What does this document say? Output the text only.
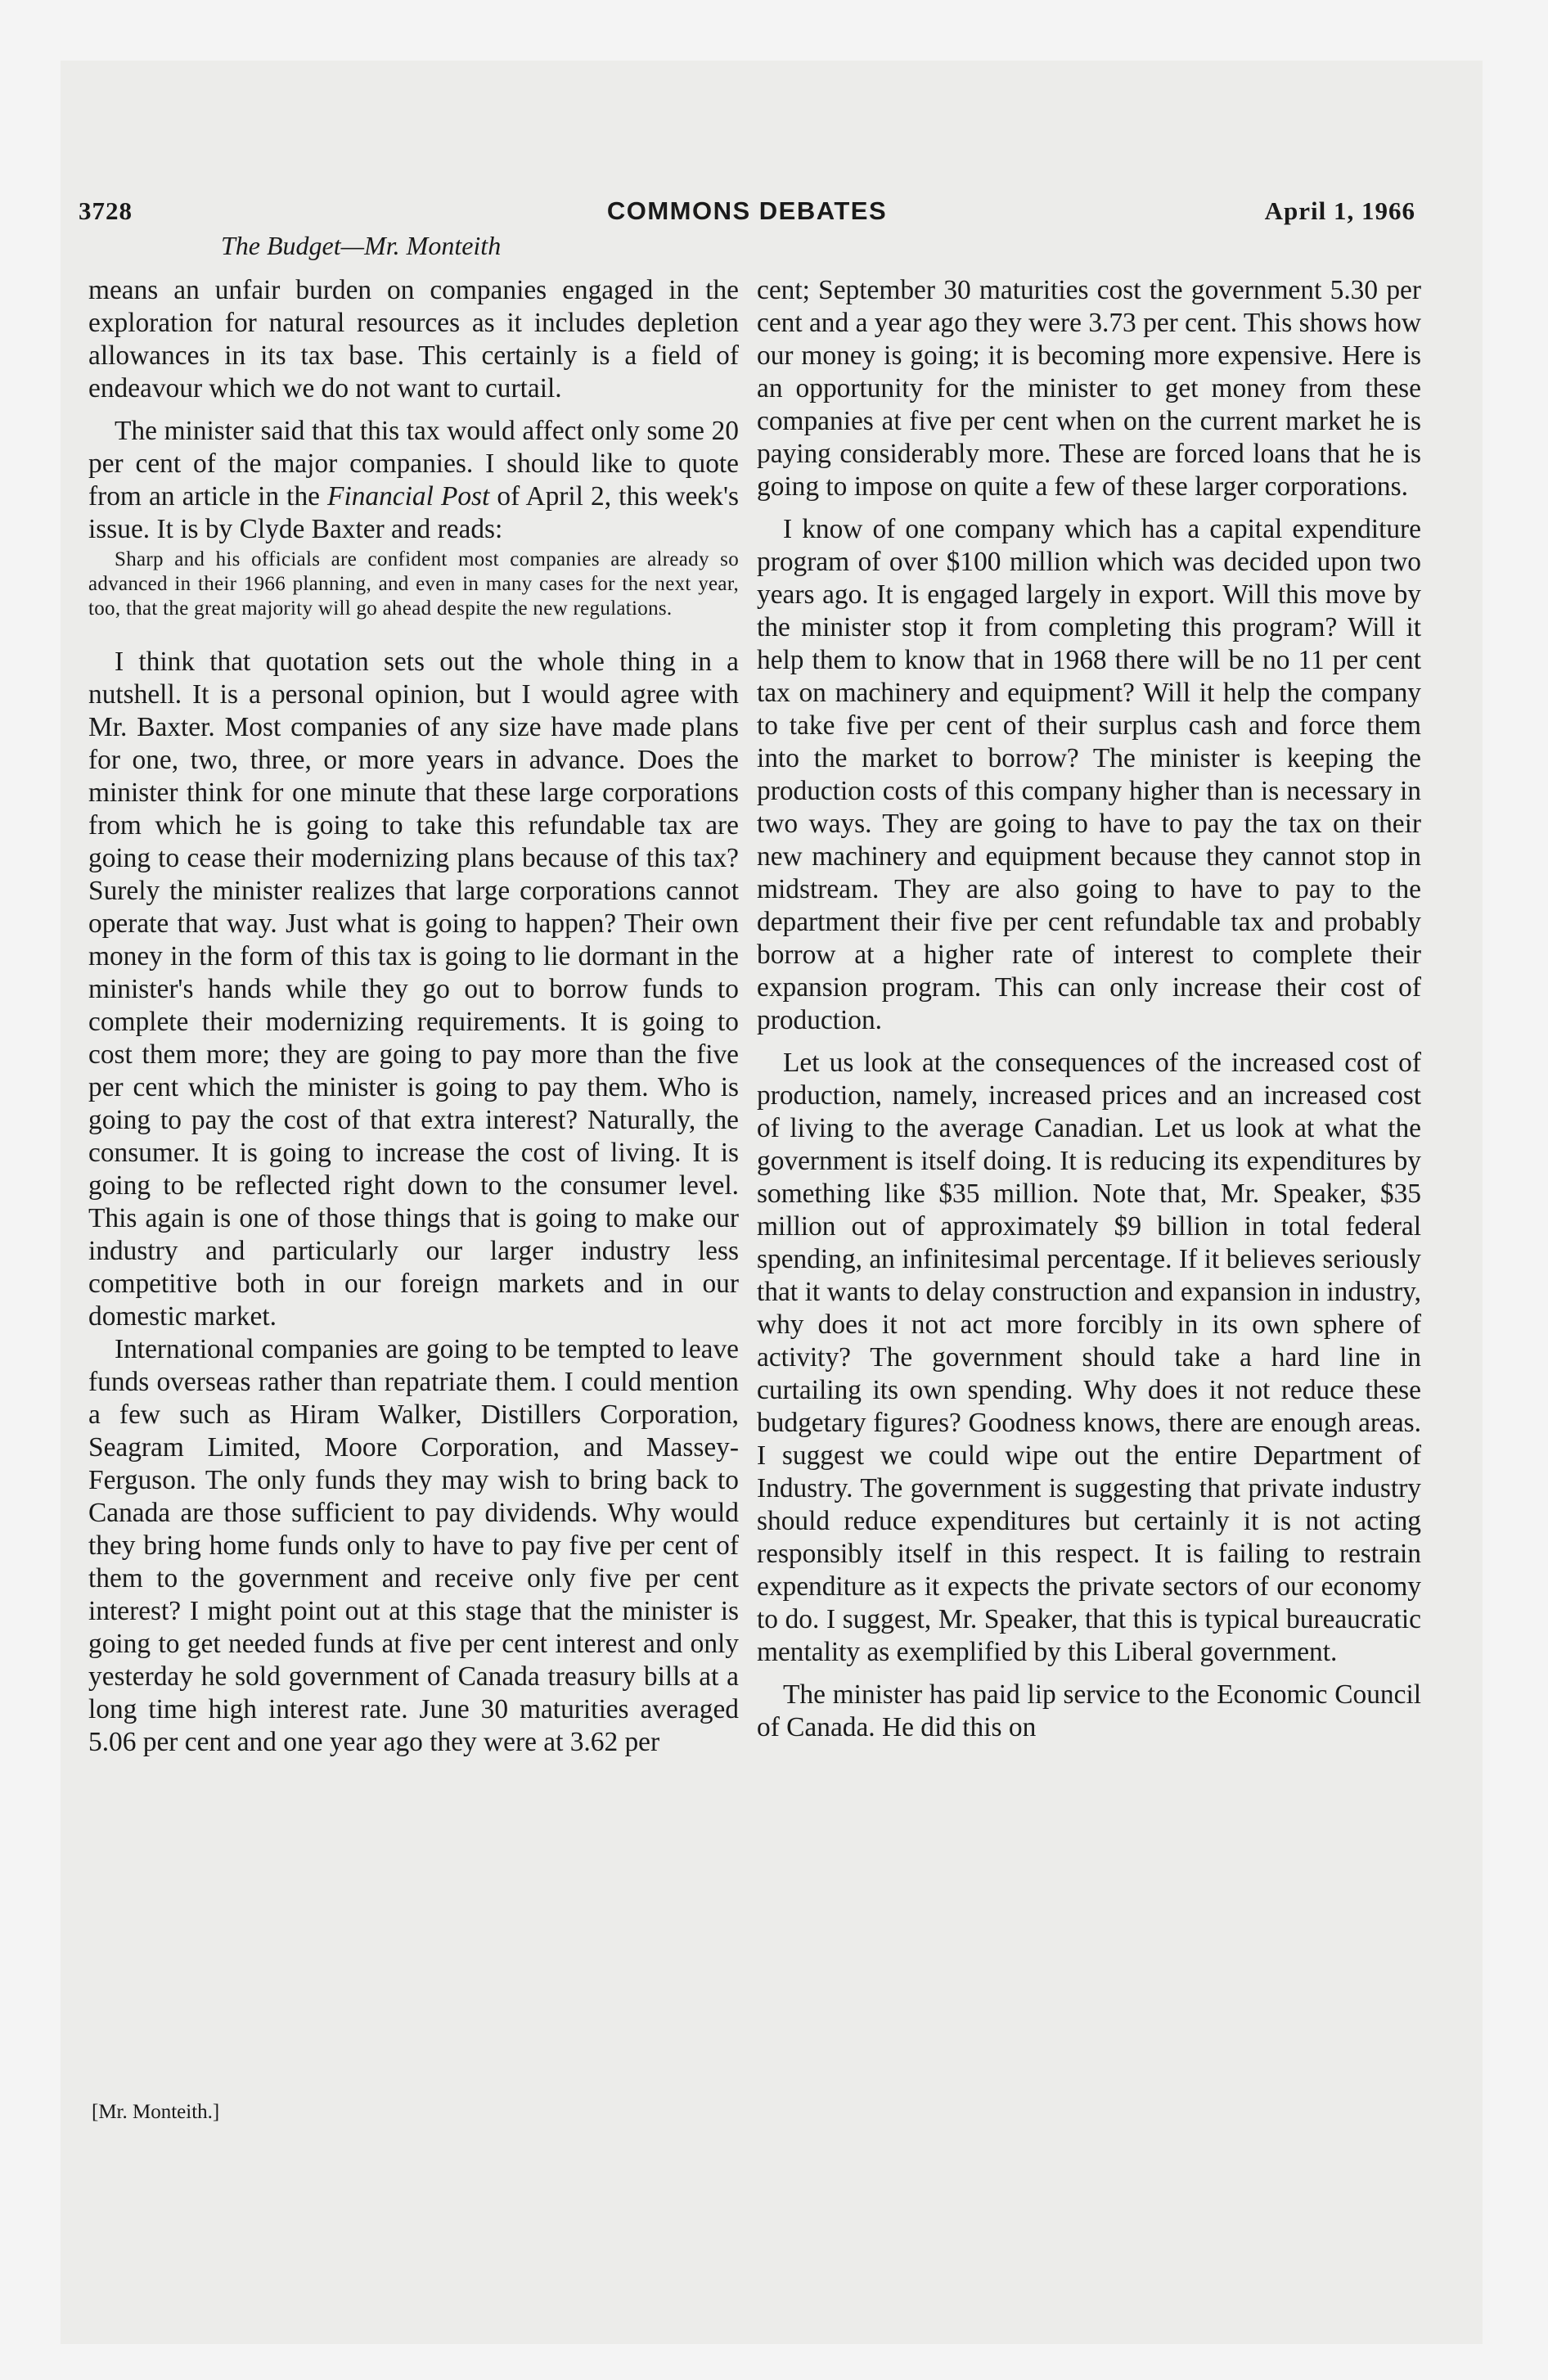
3728	COMMONS DEBATES	April 1, 1966
The Budget—Mr. Monteith

means an unfair burden on companies engaged in the exploration for natural resources as it includes depletion allowances in its tax base. This certainly is a field of endeavour which we do not want to curtail.

The minister said that this tax would affect only some 20 per cent of the major companies. I should like to quote from an article in the Financial Post of April 2, this week's issue. It is by Clyde Baxter and reads:

Sharp and his officials are confident most companies are already so advanced in their 1966 planning, and even in many cases for the next year, too, that the great majority will go ahead despite the new regulations.

I think that quotation sets out the whole thing in a nutshell. It is a personal opinion, but I would agree with Mr. Baxter. Most companies of any size have made plans for one, two, three, or more years in advance. Does the minister think for one minute that these large corporations from which he is going to take this refundable tax are going to cease their modernizing plans because of this tax? Surely the minister realizes that large corporations cannot operate that way. Just what is going to happen? Their own money in the form of this tax is going to lie dormant in the minister's hands while they go out to borrow funds to complete their modernizing requirements. It is going to cost them more; they are going to pay more than the five per cent which the minister is going to pay them. Who is going to pay the cost of that extra interest? Naturally, the consumer. It is going to increase the cost of living. It is going to be reflected right down to the consumer level. This again is one of those things that is going to make our industry and particularly our larger industry less competitive both in our foreign markets and in our domestic market.

International companies are going to be tempted to leave funds overseas rather than repatriate them. I could mention a few such as Hiram Walker, Distillers Corporation, Seagram Limited, Moore Corporation, and Massey-Ferguson. The only funds they may wish to bring back to Canada are those sufficient to pay dividends. Why would they bring home funds only to have to pay five per cent of them to the government and receive only five per cent interest? I might point out at this stage that the minister is going to get needed funds at five per cent interest and only yesterday he sold government of Canada treasury bills at a long time high interest rate. June 30 maturities averaged 5.06 per cent and one year ago they were at 3.62 per

cent; September 30 maturities cost the government 5.30 per cent and a year ago they were 3.73 per cent. This shows how our money is going; it is becoming more expensive. Here is an opportunity for the minister to get money from these companies at five per cent when on the current market he is paying considerably more. These are forced loans that he is going to impose on quite a few of these larger corporations.

I know of one company which has a capital expenditure program of over $100 million which was decided upon two years ago. It is engaged largely in export. Will this move by the minister stop it from completing this program? Will it help them to know that in 1968 there will be no 11 per cent tax on machinery and equipment? Will it help the company to take five per cent of their surplus cash and force them into the market to borrow? The minister is keeping the production costs of this company higher than is necessary in two ways. They are going to have to pay the tax on their new machinery and equipment because they cannot stop in midstream. They are also going to have to pay to the department their five per cent refundable tax and probably borrow at a higher rate of interest to complete their expansion program. This can only increase their cost of production.

Let us look at the consequences of the increased cost of production, namely, increased prices and an increased cost of living to the average Canadian. Let us look at what the government is itself doing. It is reducing its expenditures by something like $35 million. Note that, Mr. Speaker, $35 million out of approximately $9 billion in total federal spending, an infinitesimal percentage. If it believes seriously that it wants to delay construction and expansion in industry, why does it not act more forcibly in its own sphere of activity? The government should take a hard line in curtailing its own spending. Why does it not reduce these budgetary figures? Goodness knows, there are enough areas. I suggest we could wipe out the entire Department of Industry. The government is suggesting that private industry should reduce expenditures but certainly it is not acting responsibly itself in this respect. It is failing to restrain expenditure as it expects the private sectors of our economy to do. I suggest, Mr. Speaker, that this is typical bureaucratic mentality as exemplified by this Liberal government.

The minister has paid lip service to the Economic Council of Canada. He did this on

[Mr. Monteith.]
